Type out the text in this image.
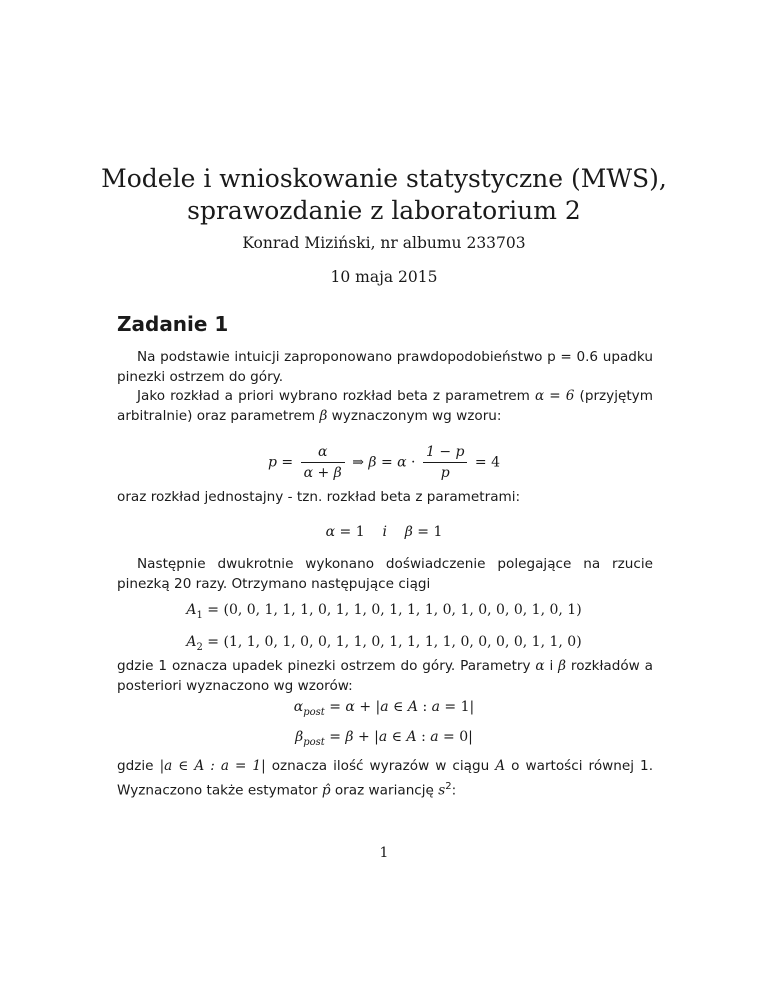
Modele i wnioskowanie statystyczne (MWS),
sprawozdanie z laboratorium 2
Konrad Miziński, nr albumu 233703
10 maja 2015
Zadanie 1
Na podstawie intuicji zaproponowano prawdopodobieństwo p = 0.6 upadku pinezki ostrzem do góry.
Jako rozkład a priori wybrano rozkład beta z parametrem α = 6 (przyjętym arbitralnie) oraz parametrem β wyznaczonym wg wzoru:
$p = \frac{\alpha}{\alpha + \beta}$ ⇒ $\beta = \alpha \cdot \frac{1 - p}{p} = 4$
oraz rozkład jednostajny - tzn. rozkład beta z parametrami:
α = 1    i β = 1
Następnie dwukrotnie wykonano doświadczenie polegające na rzucie pinezką 20 razy. Otrzymano następujące ciągi
$A_1 = (0$, 0, 1, 1, 1, 0, 1, 1, 0, 1, 1, 1, 0, 1, 0, 0, 0, 1, 0, 1)
$A_2 = (1$, 1, 0, 1, 0, 0, 1, 1, 0, 1, 1, 1, 1, 0, 0, 0, 0, 1, 1, 0)
gdzie 1 oznacza upadek pinezki ostrzem do góry. Parametry α i β rozkładów a posteriori wyznaczono wg wzorów:
$\alpha_{post} = \alpha + |a$ ∈ A : a = 1|
$\beta_{post} = \beta + |a$ ∈ A : a = 0|
gdzie |a ∈ A : a = 1| oznacza ilość wyrazów w ciągu A o wartości równej 1. Wyznaczono także estymator p̂ oraz wariancję $s^2$:
1
